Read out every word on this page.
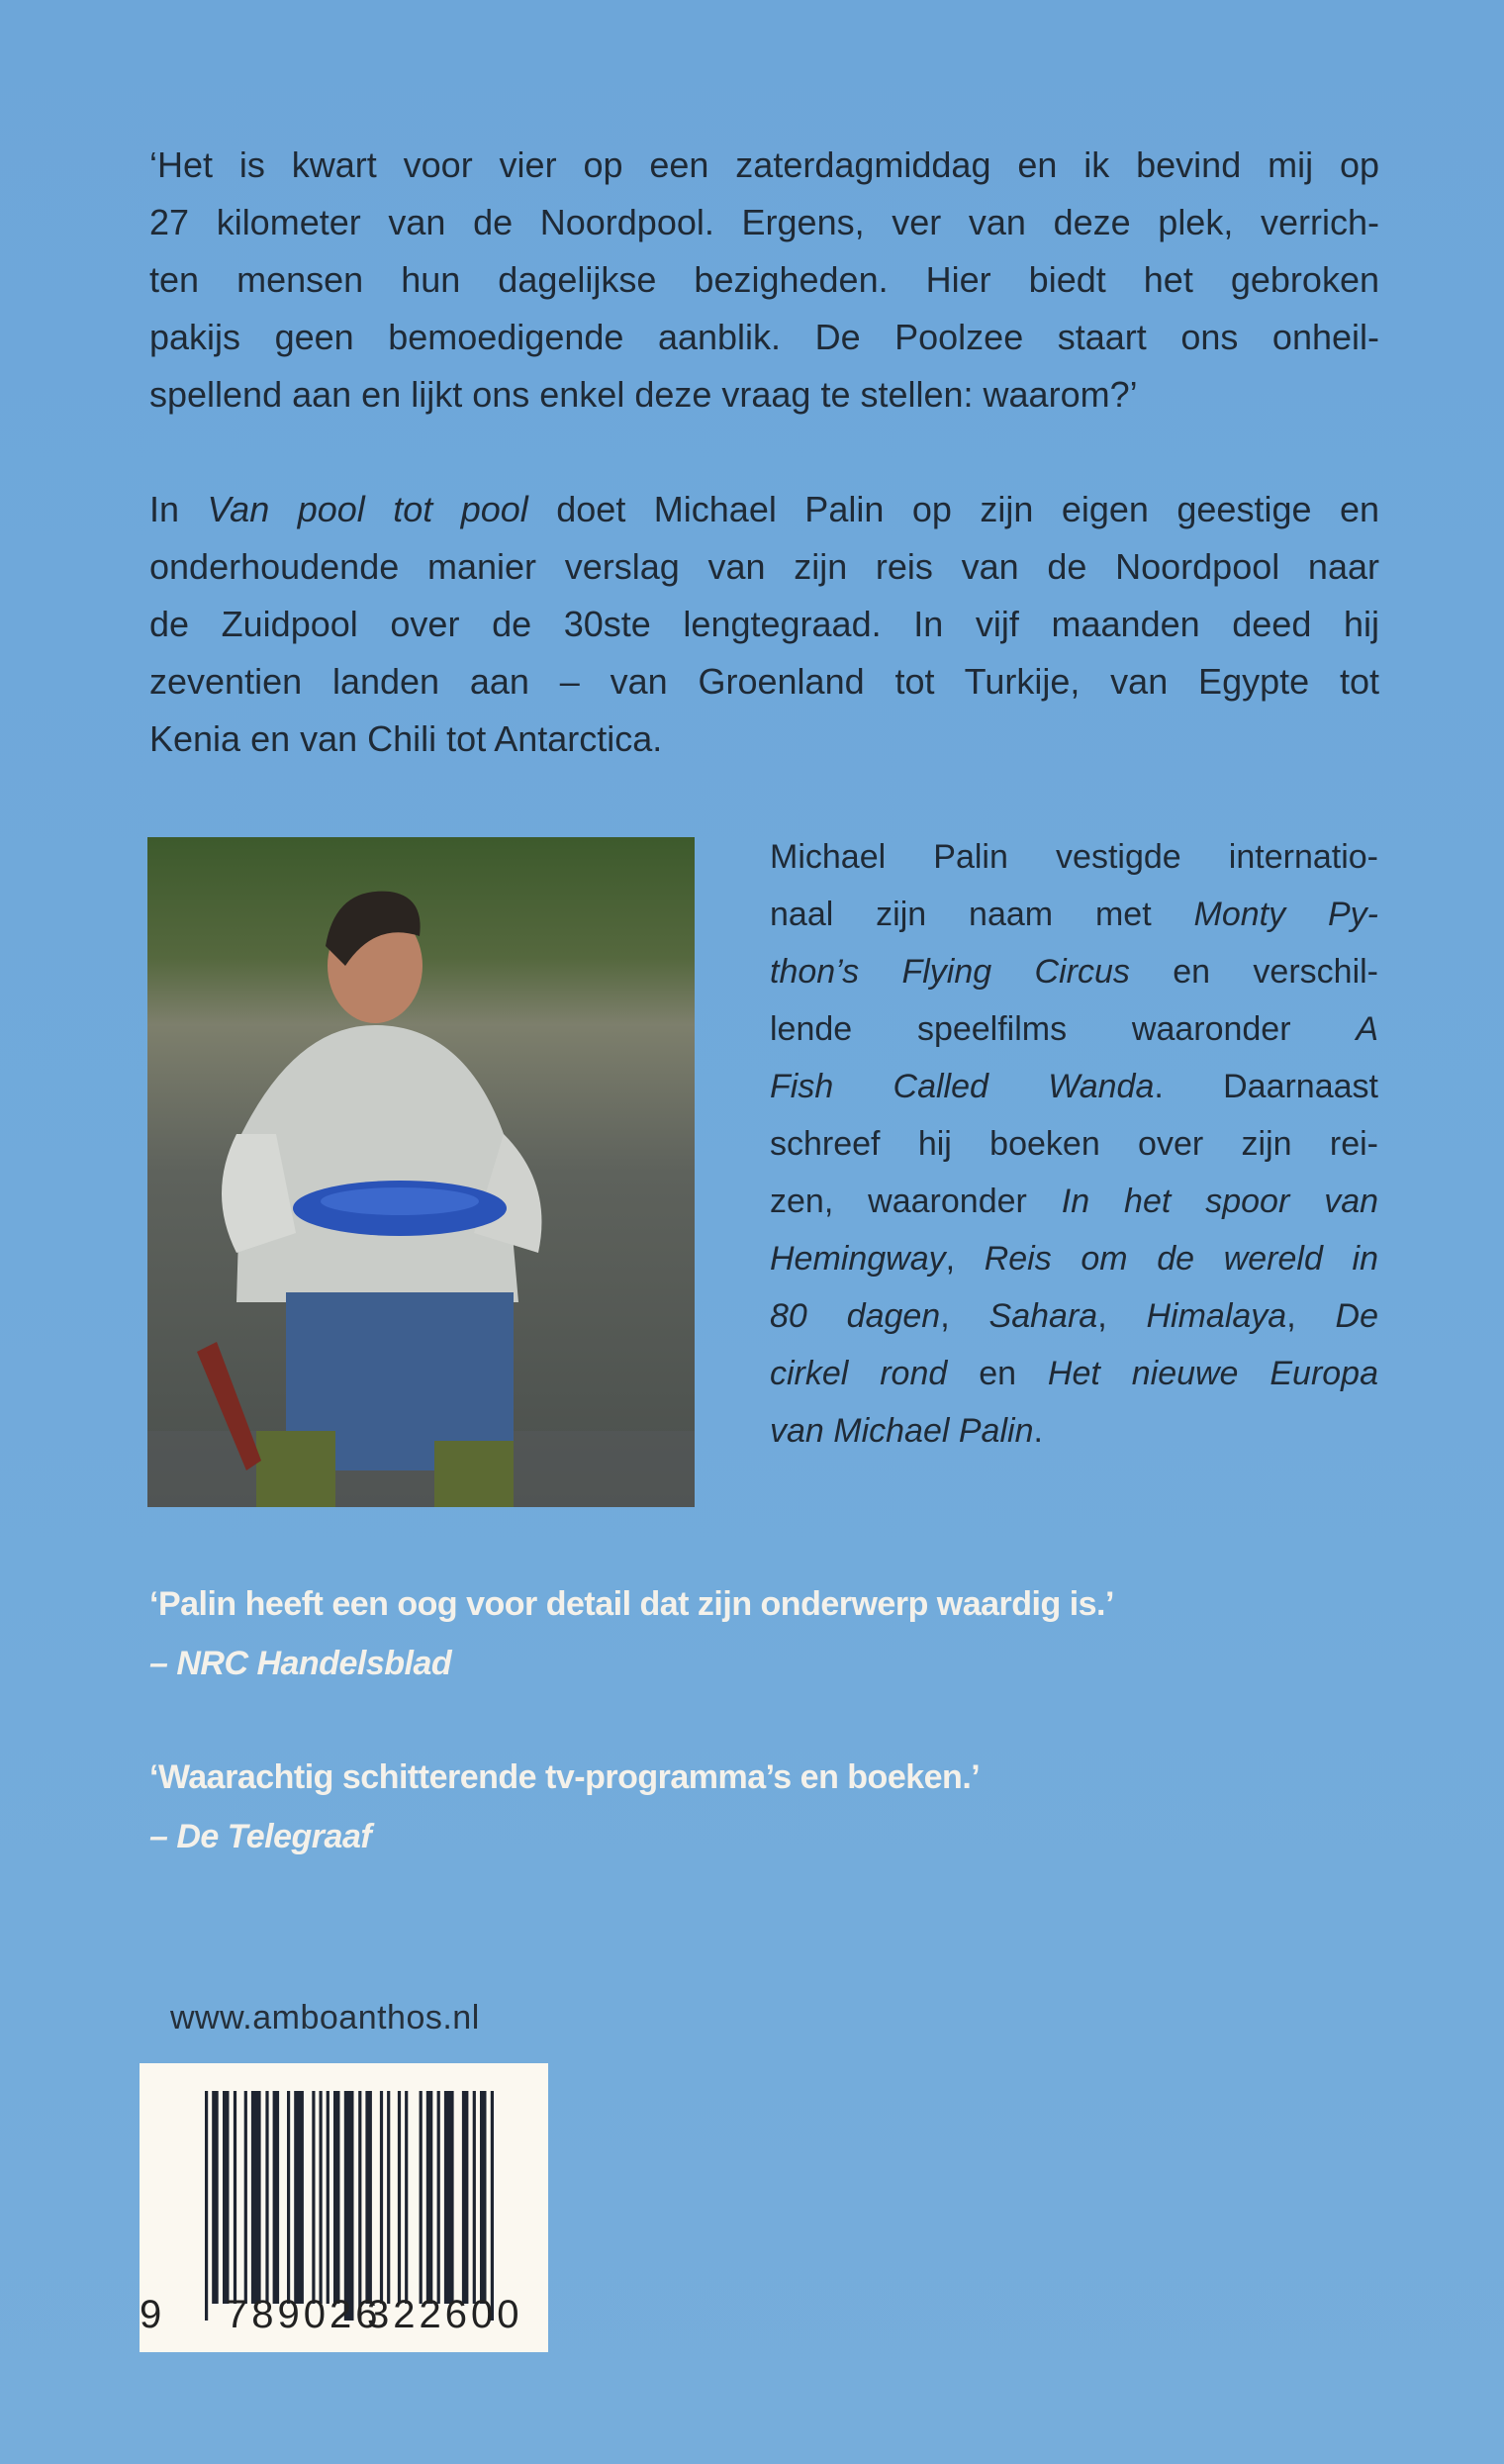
‘Het is kwart voor vier op een zaterdagmiddag en ik bevind mij op
27 kilometer van de Noordpool. Ergens, ver van deze plek, verrich-
ten mensen hun dagelijkse bezigheden. Hier biedt het gebroken
pakijs geen bemoedigende aanblik. De Poolzee staart ons onheil-
spellend aan en lijkt ons enkel deze vraag te stellen: waarom?’
In Van pool tot pool doet Michael Palin op zijn eigen geestige en
onderhoudende manier verslag van zijn reis van de Noordpool naar
de Zuidpool over de 30ste lengtegraad. In vijf maanden deed hij
zeventien landen aan – van Groenland tot Turkije, van Egypte tot
Kenia en van Chili tot Antarctica.
Michael Palin vestigde internatio-
naal zijn naam met Monty Py-
thon’s Flying Circus en verschil-
lende speelfilms waaronder A
Fish Called Wanda. Daarnaast
schreef hij boeken over zijn rei-
zen, waaronder In het spoor van
Hemingway, Reis om de wereld in
80 dagen, Sahara, Himalaya, De
cirkel rond en Het nieuwe Europa
van Michael Palin.
‘Palin heeft een oog voor detail dat zijn onderwerp waardig is.’
– NRC Handelsblad
‘Waarachtig schitterende tv-programma’s en boeken.’
– De Telegraaf
www.amboanthos.nl
9 789026
322600
